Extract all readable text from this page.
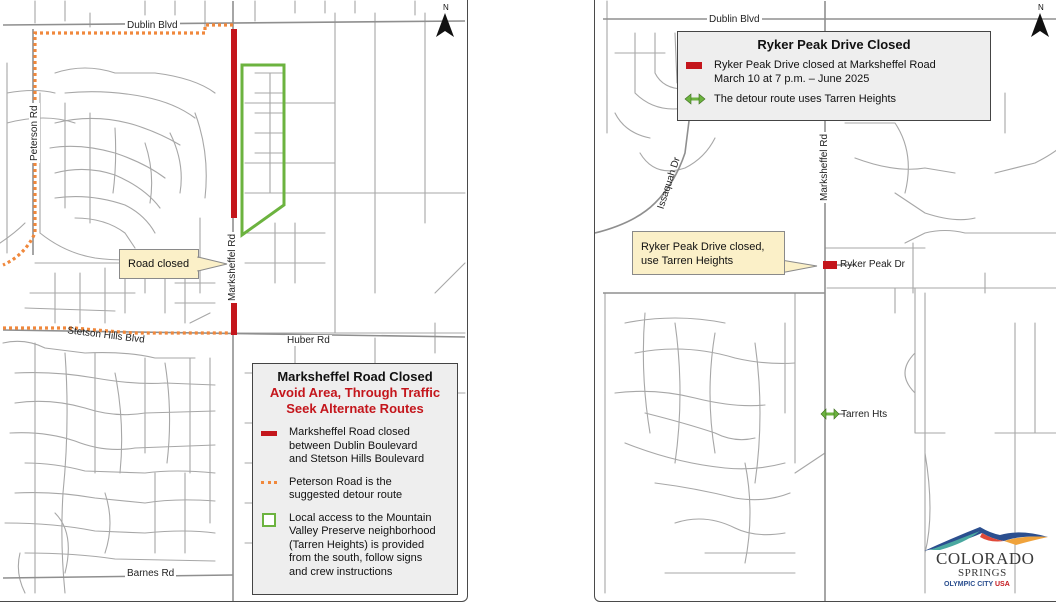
Dublin Blvd
Peterson Rd
Marksheffel Rd
Stetson Hills Blvd	Huber Rd
Barnes Rd
Road closed
N
Marksheffel Road Closed
Avoid Area, Through Traffic
Seek Alternate Routes
Marksheffel Road closed
between Dublin Boulevard
and Stetson Hills Boulevard
Peterson Road is the
suggested detour route
Local access to the Mountain
Valley Preserve neighborhood
(Tarren Heights) is provided
from the south, follow signs
and crew instructions
Dublin Blvd
Marksheffel Rd
Issaquah Dr
Ryker Peak Dr
Tarren Hts
Ryker Peak Drive closed,
use Tarren Heights
N
Ryker Peak Drive Closed
Ryker Peak Drive closed at Marksheffel Road
March 10 at 7 p.m. – June 2025
The detour route uses Tarren Heights
COLORADO
SPRINGS
OLYMPIC CITY USA
